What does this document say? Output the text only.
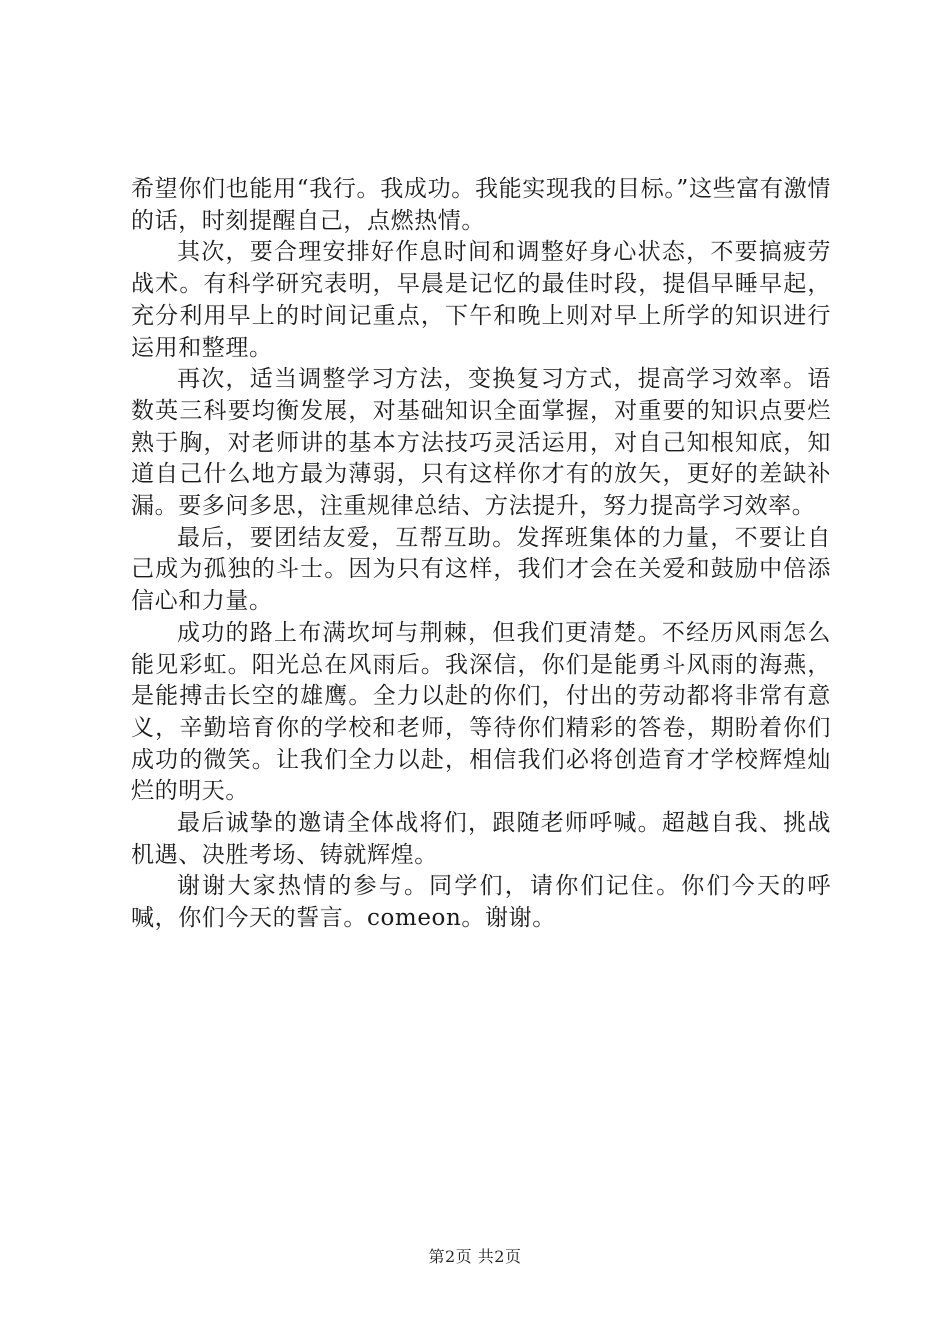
希望你们也能用“我行。我成功。我能实现我的目标。”这些富有激情的话，时刻提醒自己，点燃热情。

其次，要合理安排好作息时间和调整好身心状态，不要搞疲劳战术。有科学研究表明，早晨是记忆的最佳时段，提倡早睡早起，充分利用早上的时间记重点，下午和晚上则对早上所学的知识进行运用和整理。

再次，适当调整学习方法，变换复习方式，提高学习效率。语数英三科要均衡发展，对基础知识全面掌握，对重要的知识点要烂熟于胸，对老师讲的基本方法技巧灵活运用，对自己知根知底，知道自己什么地方最为薄弱，只有这样你才有的放矢，更好的差缺补漏。要多问多思，注重规律总结、方法提升，努力提高学习效率。

最后，要团结友爱，互帮互助。发挥班集体的力量，不要让自己成为孤独的斗士。因为只有这样，我们才会在关爱和鼓励中倍添信心和力量。

成功的路上布满坎坷与荆棘，但我们更清楚。不经历风雨怎么能见彩虹。阳光总在风雨后。我深信，你们是能勇斗风雨的海燕，是能搏击长空的雄鹰。全力以赴的你们，付出的劳动都将非常有意义，辛勤培育你的学校和老师，等待你们精彩的答卷，期盼着你们成功的微笑。让我们全力以赴，相信我们必将创造育才学校辉煌灿烂的明天。

最后诚挚的邀请全体战将们，跟随老师呼喊。超越自我、挑战机遇、决胜考场、铸就辉煌。

谢谢大家热情的参与。同学们，请你们记住。你们今天的呼喊，你们今天的誓言。comeon。谢谢。

第2页 共2页
